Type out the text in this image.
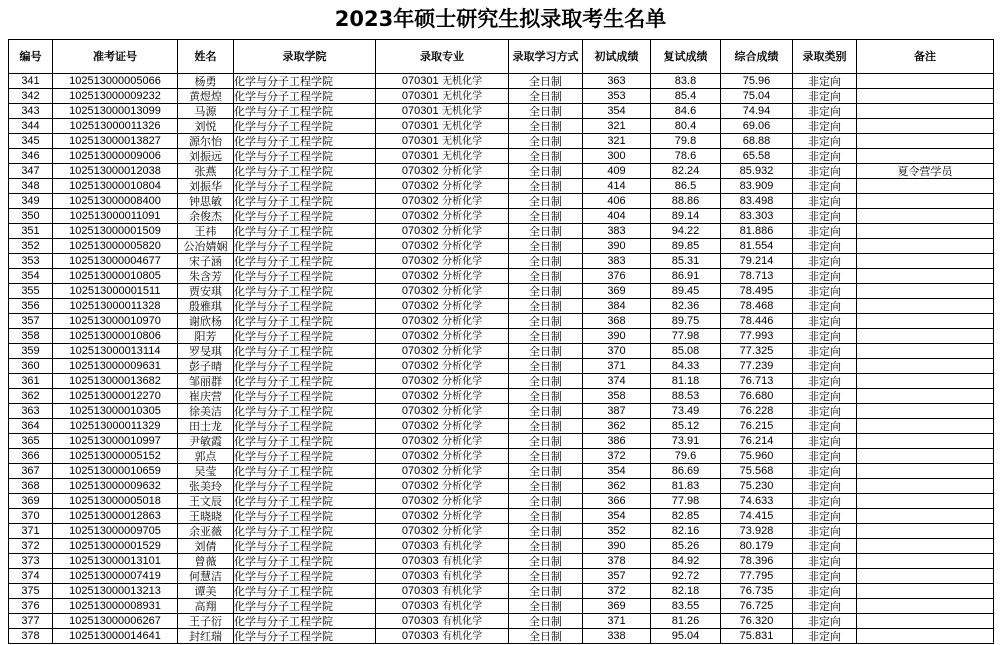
2023年硕士研究生拟录取考生名单
编号	准考证号	姓名	录取学院	录取专业	录取学习方式	初试成绩	复试成绩	综合成绩	录取类别	备注
341	102513000005066	杨勇	化学与分子工程学院	070301 无机化学	全日制	363	83.8	75.96	非定向	
342	102513000009232	黄煜煌	化学与分子工程学院	070301 无机化学	全日制	353	85.4	75.04	非定向	
343	102513000013099	马源	化学与分子工程学院	070301 无机化学	全日制	354	84.6	74.94	非定向	
344	102513000011326	刘悦	化学与分子工程学院	070301 无机化学	全日制	321	80.4	69.06	非定向	
345	102513000013827	源尔怡	化学与分子工程学院	070301 无机化学	全日制	321	79.8	68.88	非定向	
346	102513000009006	刘振远	化学与分子工程学院	070301 无机化学	全日制	300	78.6	65.58	非定向	
347	102513000012038	张燕	化学与分子工程学院	070302 分析化学	全日制	409	82.24	85.932	非定向	夏令营学员
348	102513000010804	刘振华	化学与分子工程学院	070302 分析化学	全日制	414	86.5	83.909	非定向	
349	102513000008400	钟思敏	化学与分子工程学院	070302 分析化学	全日制	406	88.86	83.498	非定向	
350	102513000011091	余俊杰	化学与分子工程学院	070302 分析化学	全日制	404	89.14	83.303	非定向	
351	102513000001509	王祎	化学与分子工程学院	070302 分析化学	全日制	383	94.22	81.886	非定向	
352	102513000005820	公冶婧娴	化学与分子工程学院	070302 分析化学	全日制	390	89.85	81.554	非定向	
353	102513000004677	宋子涵	化学与分子工程学院	070302 分析化学	全日制	383	85.31	79.214	非定向	
354	102513000010805	朱含芳	化学与分子工程学院	070302 分析化学	全日制	376	86.91	78.713	非定向	
355	102513000001511	贾安琪	化学与分子工程学院	070302 分析化学	全日制	369	89.45	78.495	非定向	
356	102513000011328	殷雅琪	化学与分子工程学院	070302 分析化学	全日制	384	82.36	78.468	非定向	
357	102513000010970	谢欣杨	化学与分子工程学院	070302 分析化学	全日制	368	89.75	78.446	非定向	
358	102513000010806	阳芳	化学与分子工程学院	070302 分析化学	全日制	390	77.98	77.993	非定向	
359	102513000013114	罗旻琪	化学与分子工程学院	070302 分析化学	全日制	370	85.08	77.325	非定向	
360	102513000009631	彭子晴	化学与分子工程学院	070302 分析化学	全日制	371	84.33	77.239	非定向	
361	102513000013682	邹丽群	化学与分子工程学院	070302 分析化学	全日制	374	81.18	76.713	非定向	
362	102513000012270	崔庆营	化学与分子工程学院	070302 分析化学	全日制	358	88.53	76.680	非定向	
363	102513000010305	徐美洁	化学与分子工程学院	070302 分析化学	全日制	387	73.49	76.228	非定向	
364	102513000011329	田士龙	化学与分子工程学院	070302 分析化学	全日制	362	85.12	76.215	非定向	
365	102513000010997	尹敏霞	化学与分子工程学院	070302 分析化学	全日制	386	73.91	76.214	非定向	
366	102513000005152	郭点	化学与分子工程学院	070302 分析化学	全日制	372	79.6	75.960	非定向	
367	102513000010659	吴莹	化学与分子工程学院	070302 分析化学	全日制	354	86.69	75.568	非定向	
368	102513000009632	张美玲	化学与分子工程学院	070302 分析化学	全日制	362	81.83	75.230	非定向	
369	102513000005018	王文辰	化学与分子工程学院	070302 分析化学	全日制	366	77.98	74.633	非定向	
370	102513000012863	王晓晓	化学与分子工程学院	070302 分析化学	全日制	354	82.85	74.415	非定向	
371	102513000009705	余亚薇	化学与分子工程学院	070302 分析化学	全日制	352	82.16	73.928	非定向	
372	102513000001529	刘倩	化学与分子工程学院	070303 有机化学	全日制	390	85.26	80.179	非定向	
373	102513000013101	曾薇	化学与分子工程学院	070303 有机化学	全日制	378	84.92	78.396	非定向	
374	102513000007419	何慧洁	化学与分子工程学院	070303 有机化学	全日制	357	92.72	77.795	非定向	
375	102513000013213	谭美	化学与分子工程学院	070303 有机化学	全日制	372	82.18	76.735	非定向	
376	102513000008931	高翔	化学与分子工程学院	070303 有机化学	全日制	369	83.55	76.725	非定向	
377	102513000006267	王子衍	化学与分子工程学院	070303 有机化学	全日制	371	81.26	76.320	非定向	
378	102513000014641	封红瑞	化学与分子工程学院	070303 有机化学	全日制	338	95.04	75.831	非定向	
